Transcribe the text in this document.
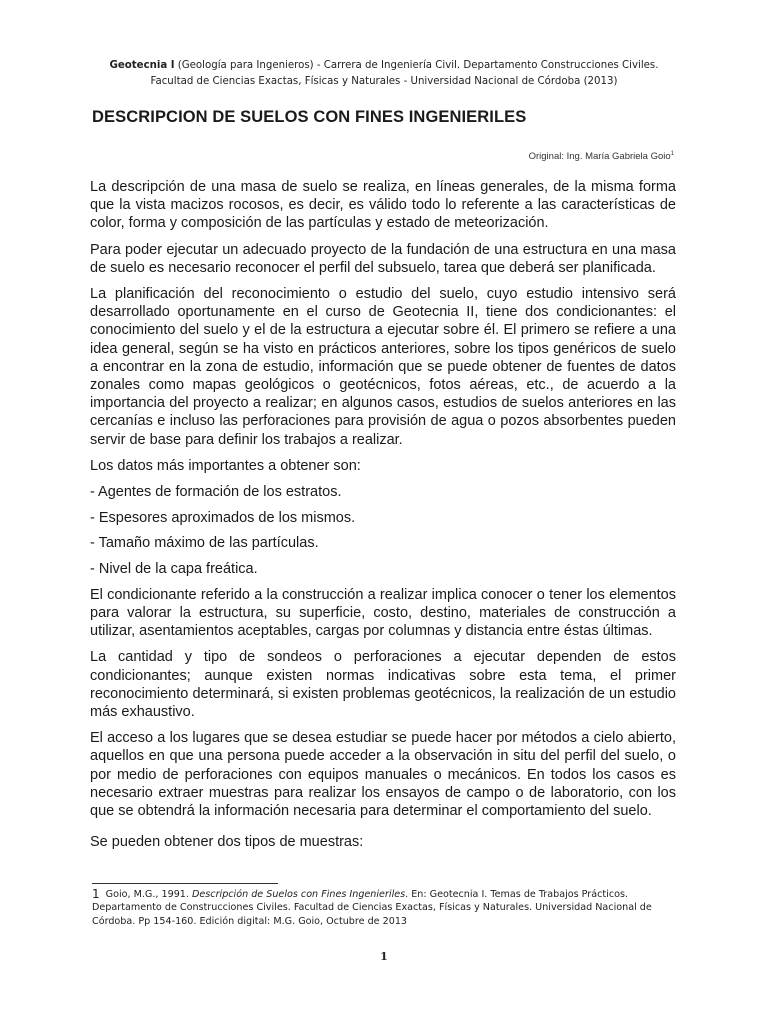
Geotecnia I (Geología para Ingenieros) - Carrera de Ingeniería Civil. Departamento Construcciones Civiles.
Facultad de Ciencias Exactas, Físicas y Naturales - Universidad Nacional de Córdoba (2013)
DESCRIPCION DE SUELOS CON FINES INGENIERILES
Original: Ing. María Gabriela Goio$^1$

La descripción de una masa de suelo se realiza, en líneas generales, de la misma forma que la vista macizos rocosos, es decir, es válido todo lo referente a las características de color, forma y composición de las partículas y estado de meteorización.

Para poder ejecutar un adecuado proyecto de la fundación de una estructura en una masa de suelo es necesario reconocer el perfil del subsuelo, tarea que deberá ser planificada.

La planificación del reconocimiento o estudio del suelo, cuyo estudio intensivo será desarrollado oportunamente en el curso de Geotecnia II, tiene dos condicionantes: el conocimiento del suelo y el de la estructura a ejecutar sobre él. El primero se refiere a una idea general, según se ha visto en prácticos anteriores, sobre los tipos genéricos de suelo a encontrar en la zona de estudio, información que se puede obtener de fuentes de datos zonales como mapas geológicos o geotécnicos, fotos aéreas, etc., de acuerdo a la importancia del proyecto a realizar; en algunos casos, estudios de suelos anteriores en las cercanías e incluso las perforaciones para provisión de agua o pozos absorbentes pueden servir de base para definir los trabajos a realizar.

Los datos más importantes a obtener son:

- Agentes de formación de los estratos.

- Espesores aproximados de los mismos.

- Tamaño máximo de las partículas.

- Nivel de la capa freática.

El condicionante referido a la construcción a realizar implica conocer o tener los elementos para valorar la estructura, su superficie, costo, destino, materiales de construcción a utilizar, asentamientos aceptables, cargas por columnas y distancia entre éstas últimas.

La cantidad y tipo de sondeos o perforaciones a ejecutar dependen de estos condicionantes; aunque existen normas indicativas sobre esta tema, el primer reconocimiento determinará, si existen problemas geotécnicos, la realización de un estudio más exhaustivo.

El acceso a los lugares que se desea estudiar se puede hacer por métodos a cielo abierto, aquellos en que una persona puede acceder a la observación in situ del perfil del suelo, o por medio de perforaciones con equipos manuales o mecánicos. En todos los casos es necesario extraer muestras para realizar los ensayos de campo o de laboratorio, con los que se obtendrá la información necesaria para determinar el comportamiento del suelo.

Se pueden obtener dos tipos de muestras:

1 Goio, M.G., 1991. Descripción de Suelos con Fines Ingenieriles. En: Geotecnia I. Temas de Trabajos Prácticos. Departamento de Construcciones Civiles. Facultad de Ciencias Exactas, Físicas y Naturales. Universidad Nacional de Córdoba. Pp 154-160. Edición digital: M.G. Goio, Octubre de 2013
1
